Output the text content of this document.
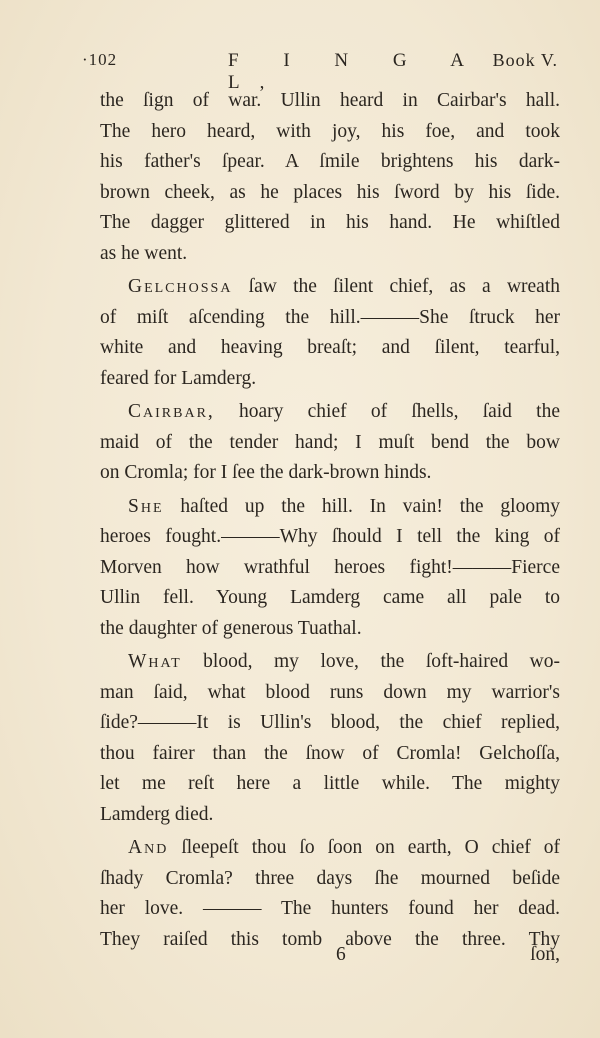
·102	F I N G A L,
Book V.
the ſign of war. Ullin heard in Cairbar's hall.
The hero heard, with joy, his foe, and took
his father's ſpear. A ſmile brightens his dark-
brown cheek, as he places his ſword by his ſide.
The dagger glittered in his hand. He whiſtled
as he went.
Gelchossa ſaw the ſilent chief, as a wreath
of miſt aſcending the hill.———She ſtruck her
white and heaving breaſt; and ſilent, tearful,
feared for Lamderg.
Cairbar, hoary chief of ſhells, ſaid the
maid of the tender hand; I muſt bend the bow
on Cromla; for I ſee the dark-brown hinds.
She haſted up the hill. In vain! the gloomy
heroes fought.———Why ſhould I tell the king of
Morven how wrathful heroes fight!———Fierce
Ullin fell. Young Lamderg came all pale to
the daughter of generous Tuathal.
What blood, my love, the ſoft-haired wo-
man ſaid, what blood runs down my warrior's
ſide?———It is Ullin's blood, the chief replied,
thou fairer than the ſnow of Cromla! Gelchoſſa,
let me reſt here a little while. The mighty
Lamderg died.
And ſleepeſt thou ſo ſoon on earth, O chief of
ſhady Cromla? three days ſhe mourned beſide
her love. ——— The hunters found her dead.
They raiſed this tomb above the three. Thy
6	ſon,
